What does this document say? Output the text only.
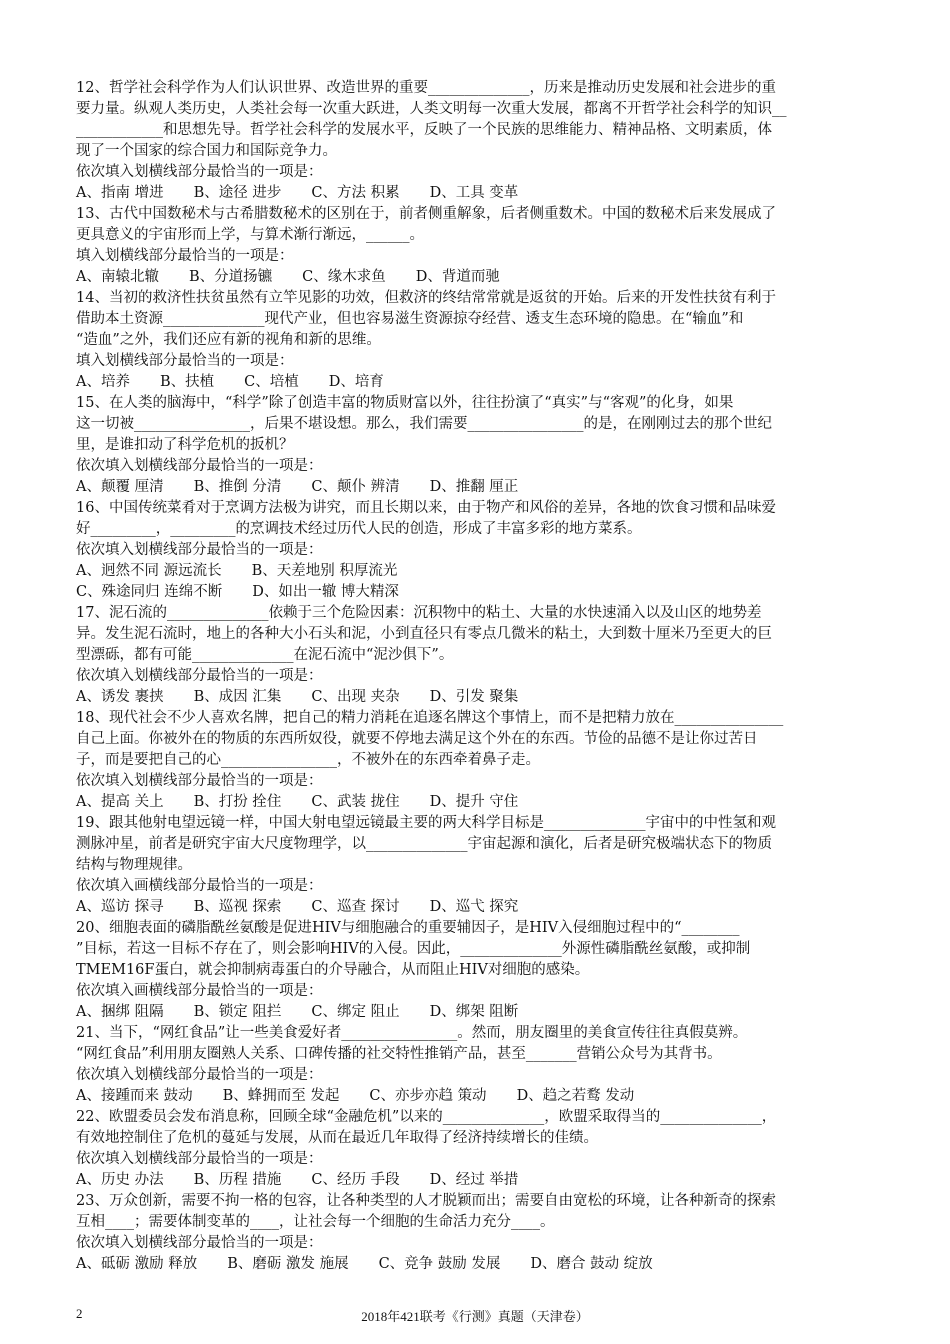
12、哲学社会科学作为人们认识世界、改造世界的重要______________，历来是推动历史发展和社会进步的重
要力量。纵观人类历史，人类社会每一次重大跃进，人类文明每一次重大发展，都离不开哲学社会科学的知识__
____________和思想先导。哲学社会科学的发展水平，反映了一个民族的思维能力、精神品格、文明素质，体
现了一个国家的综合国力和国际竞争力。
依次填入划横线部分最恰当的一项是：
A、指南 增进 B、途径 进步 C、方法 积累 D、工具 变革
13、古代中国数秘术与古希腊数秘术的区别在于，前者侧重解象，后者侧重数术。中国的数秘术后来发展成了
更具意义的宇宙形而上学，与算术渐行渐远，______。
填入划横线部分最恰当的一项是：
A、南辕北辙 B、分道扬镳 C、缘木求鱼 D、背道而驰
14、当初的救济性扶贫虽然有立竿见影的功效，但救济的终结常常就是返贫的开始。后来的开发性扶贫有利于
借助本土资源______________现代产业，但也容易滋生资源掠夺经营、透支生态环境的隐患。在“输血”和
“造血”之外，我们还应有新的视角和新的思维。
填入划横线部分最恰当的一项是：
A、培养 B、扶植 C、培植 D、培育
15、在人类的脑海中，“科学”除了创造丰富的物质财富以外，往往扮演了“真实”与“客观”的化身，如果
这一切被________________，后果不堪设想。那么，我们需要________________的是，在刚刚过去的那个世纪
里，是谁扣动了科学危机的扳机？
依次填入划横线部分最恰当的一项是：
A、颠覆 厘清 B、推倒 分清 C、颠仆 辨清 D、推翻 厘正
16、中国传统菜肴对于烹调方法极为讲究，而且长期以来，由于物产和风俗的差异，各地的饮食习惯和品味爱
好_________，_________的烹调技术经过历代人民的创造，形成了丰富多彩的地方菜系。
依次填入划横线部分最恰当的一项是：
A、迥然不同 源远流长 B、天差地别 积厚流光
C、殊途同归 连绵不断 D、如出一辙 博大精深
17、泥石流的______________依赖于三个危险因素：沉积物中的粘土、大量的水快速涌入以及山区的地势差
异。发生泥石流时，地上的各种大小石头和泥，小到直径只有零点几微米的粘土，大到数十厘米乃至更大的巨
型漂砾，都有可能______________在泥石流中“泥沙俱下”。
依次填入划横线部分最恰当的一项是：
A、诱发 裹挟 B、成因 汇集 C、出现 夹杂 D、引发 聚集
18、现代社会不少人喜欢名牌，把自己的精力消耗在追逐名牌这个事情上，而不是把精力放在_______________
自己上面。你被外在的物质的东西所奴役，就要不停地去满足这个外在的东西。节俭的品德不是让你过苦日
子，而是要把自己的心________________，不被外在的东西牵着鼻子走。
依次填入划横线部分最恰当的一项是：
A、提高 关上 B、打扮 拴住 C、武装 拢住 D、提升 守住
19、跟其他射电望远镜一样，中国大射电望远镜最主要的两大科学目标是______________宇宙中的中性氢和观
测脉冲星，前者是研究宇宙大尺度物理学，以______________宇宙起源和演化，后者是研究极端状态下的物质
结构与物理规律。
依次填入画横线部分最恰当的一项是：
A、巡访 探寻 B、巡视 探索 C、巡查 探讨 D、巡弋 探究
20、细胞表面的磷脂酰丝氨酸是促进HIV与细胞融合的重要辅因子，是HIV入侵细胞过程中的“________
”目标，若这一目标不存在了，则会影响HIV的入侵。因此，______________外源性磷脂酰丝氨酸，或抑制
TMEM16F蛋白，就会抑制病毒蛋白的介导融合，从而阻止HIV对细胞的感染。
依次填入画横线部分最恰当的一项是：
A、捆绑 阻隔 B、锁定 阻拦 C、绑定 阻止 D、绑架 阻断
21、当下，“网红食品”让一些美食爱好者________________。然而，朋友圈里的美食宣传往往真假莫辨。
“网红食品”利用朋友圈熟人关系、口碑传播的社交特性推销产品，甚至_______营销公众号为其背书。
依次填入划横线部分最恰当的一项是：
A、接踵而来 鼓动 B、蜂拥而至 发起 C、亦步亦趋 策动 D、趋之若鹜 发动
22、欧盟委员会发布消息称，回顾全球“金融危机”以来的______________，欧盟采取得当的______________，
有效地控制住了危机的蔓延与发展，从而在最近几年取得了经济持续增长的佳绩。
依次填入划横线部分最恰当的一项是：
A、历史 办法 B、历程 措施 C、经历 手段 D、经过 举措
23、万众创新，需要不拘一格的包容，让各种类型的人才脱颖而出；需要自由宽松的环境，让各种新奇的探索
互相____；需要体制变革的____，让社会每一个细胞的生命活力充分____。
依次填入划横线部分最恰当的一项是：
A、砥砺 激励 释放 B、磨砺 激发 施展 C、竞争 鼓励 发展 D、磨合 鼓动 绽放
2	2018年421联考《行测》真题（天津卷）
